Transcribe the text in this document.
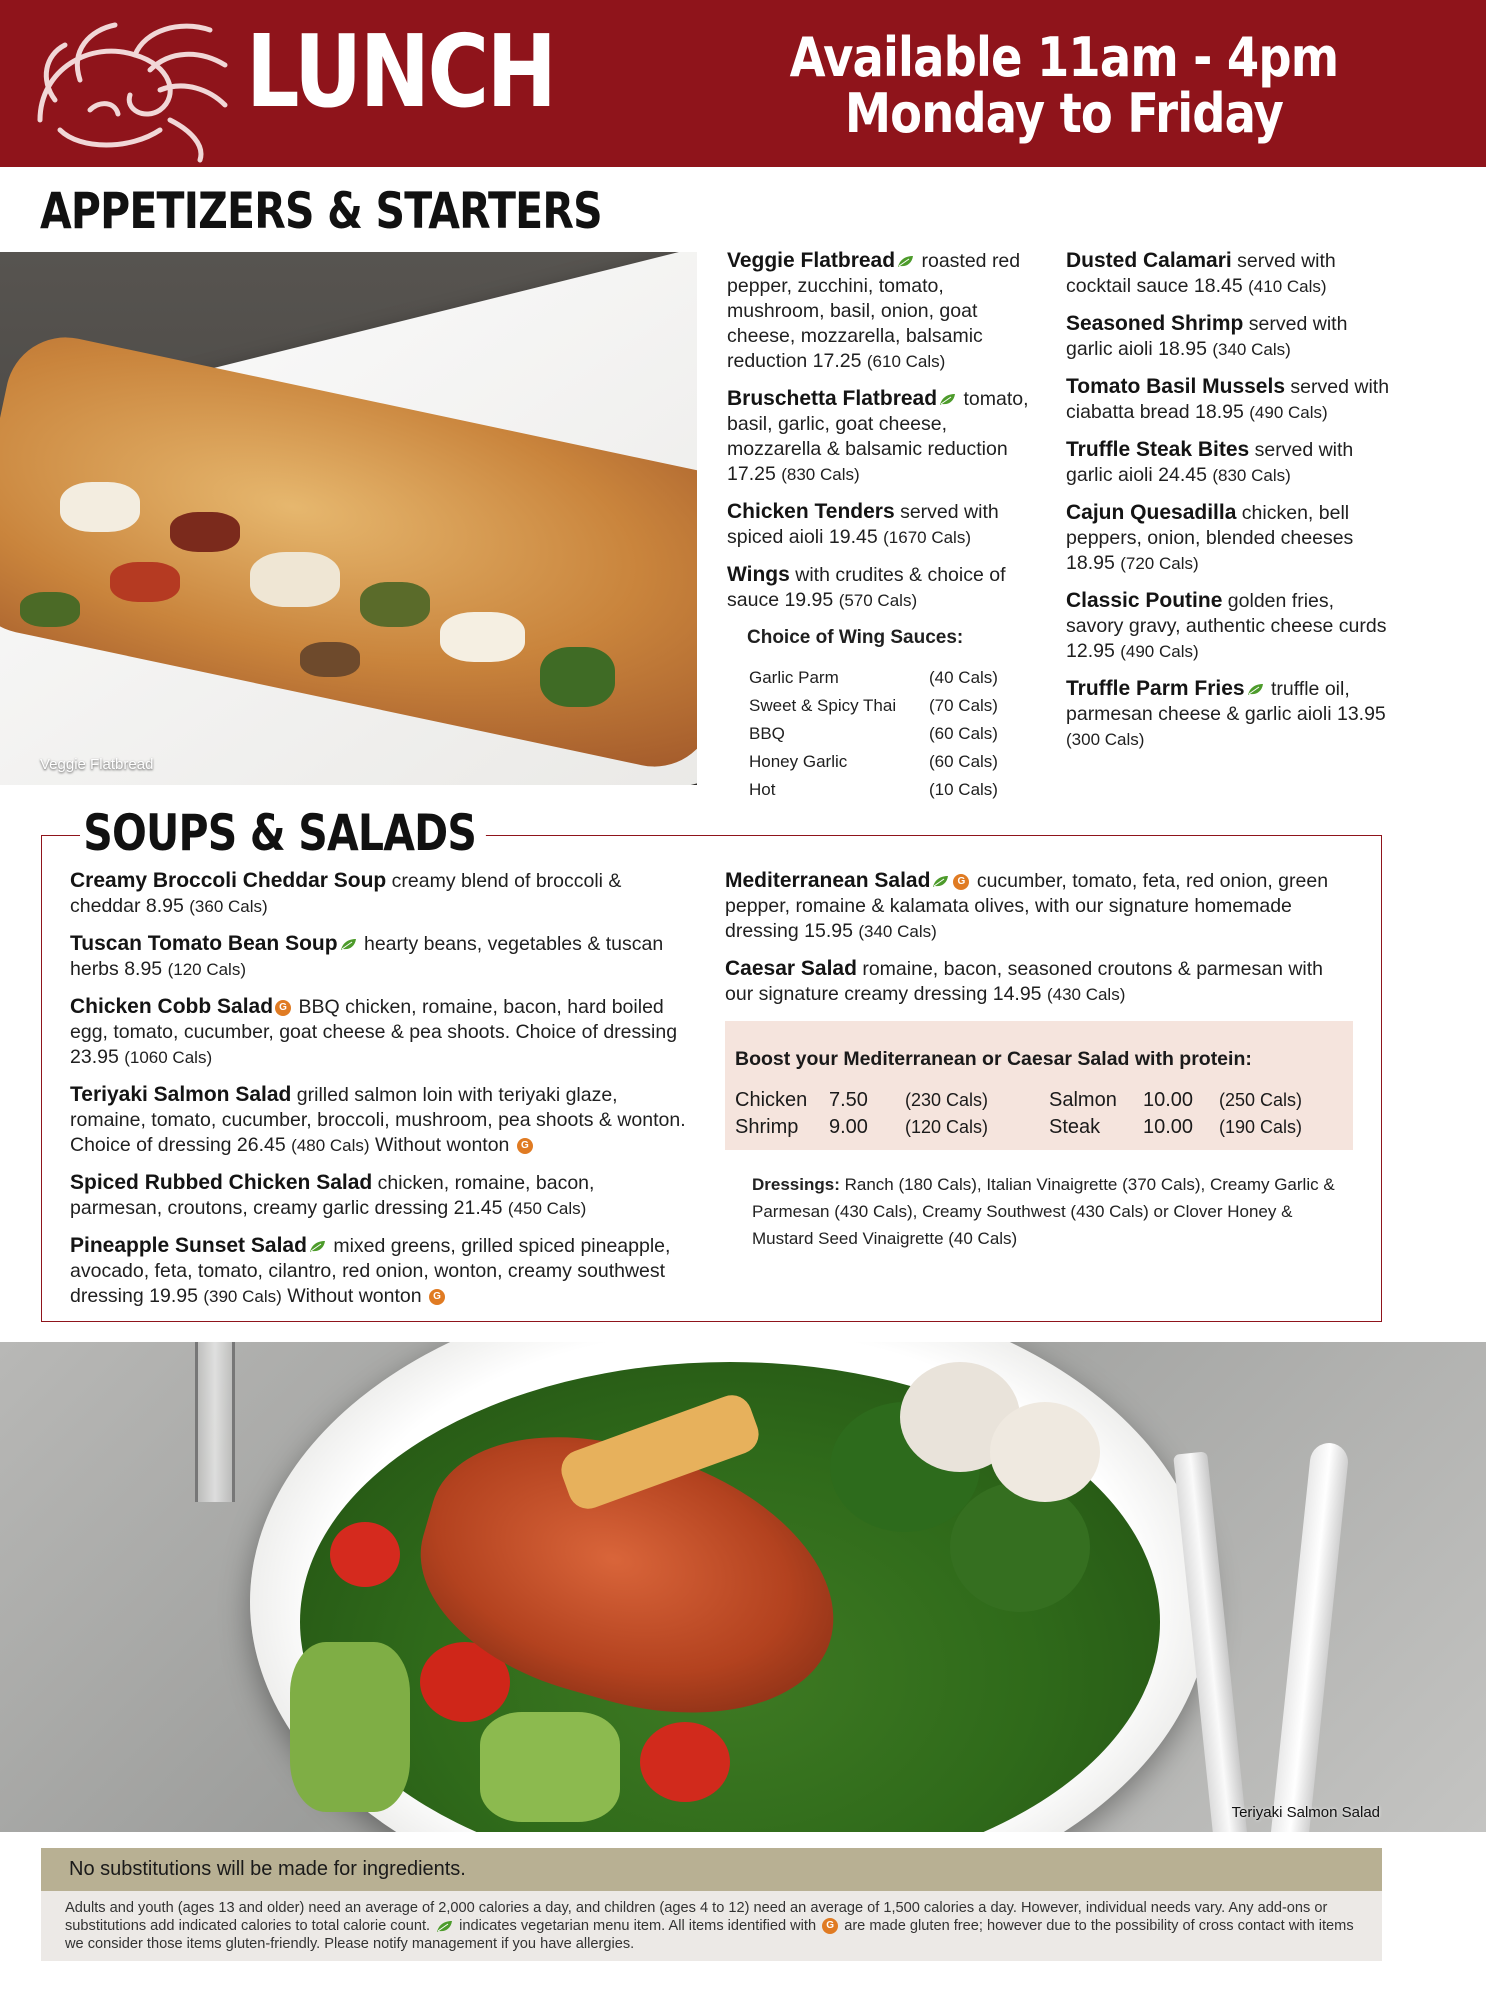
LUNCH	Available 11am - 4pm
Monday to Friday
APPETIZERS & STARTERS
Veggie Flatbread
Veggie Flatbread roasted red pepper, zucchini, tomato, mushroom, basil, onion, goat cheese, mozzarella, balsamic reduction 17.25 (610 Cals)
Bruschetta Flatbread tomato, basil, garlic, goat cheese, mozzarella & balsamic reduction 17.25 (830 Cals)
Chicken Tenders served with spiced aioli 19.45 (1670 Cals)
Wings with crudites & choice of sauce 19.95 (570 Cals)
Choice of Wing Sauces:
Garlic Parm	(40 Cals)
Sweet & Spicy Thai	(70 Cals)
BBQ	(60 Cals)
Honey Garlic	(60 Cals)
Hot	(10 Cals)
Dusted Calamari served with cocktail sauce 18.45 (410 Cals)
Seasoned Shrimp served with garlic aioli 18.95 (340 Cals)
Tomato Basil Mussels served with ciabatta bread 18.95 (490 Cals)
Truffle Steak Bites served with garlic aioli 24.45 (830 Cals)
Cajun Quesadilla chicken, bell peppers, onion, blended cheeses 18.95 (720 Cals)
Classic Poutine golden fries, savory gravy, authentic cheese curds 12.95 (490 Cals)
Truffle Parm Fries truffle oil, parmesan cheese & garlic aioli 13.95 (300 Cals)
SOUPS & SALADS
Creamy Broccoli Cheddar Soup creamy blend of broccoli & cheddar 8.95 (360 Cals)
Tuscan Tomato Bean Soup hearty beans, vegetables & tuscan herbs 8.95 (120 Cals)
Chicken Cobb Salad G BBQ chicken, romaine, bacon, hard boiled egg, tomato, cucumber, goat cheese & pea shoots. Choice of dressing 23.95 (1060 Cals)
Teriyaki Salmon Salad grilled salmon loin with teriyaki glaze, romaine, tomato, cucumber, broccoli, mushroom, pea shoots & wonton. Choice of dressing 26.45 (480 Cals) Without wonton G
Spiced Rubbed Chicken Salad chicken, romaine, bacon, parmesan, croutons, creamy garlic dressing 21.45 (450 Cals)
Pineapple Sunset Salad mixed greens, grilled spiced pineapple, avocado, feta, tomato, cilantro, red onion, wonton, creamy southwest dressing 19.95 (390 Cals) Without wonton G
Mediterranean Salad	G cucumber, tomato, feta, red onion, green pepper, romaine & kalamata olives, with our signature homemade dressing 15.95 (340 Cals)
Caesar Salad romaine, bacon, seasoned croutons & parmesan with our signature creamy dressing 14.95 (430 Cals)
Boost your Mediterranean or Caesar Salad with protein:
Chicken	7.50	(230 Cals)	Salmon	10.00	(250 Cals)
Shrimp	9.00	(120 Cals)	Steak	10.00	(190 Cals)
Dressings: Ranch (180 Cals), Italian Vinaigrette (370 Cals), Creamy Garlic & Parmesan (430 Cals), Creamy Southwest (430 Cals) or Clover Honey & Mustard Seed Vinaigrette (40 Cals)
Teriyaki Salmon Salad
No substitutions will be made for ingredients.
Adults and youth (ages 13 and older) need an average of 2,000 calories a day, and children (ages 4 to 12) need an average of 1,500 calories a day. However, individual needs vary. Any add-ons or substitutions add indicated calories to total calorie count.  indicates vegetarian menu item. All items identified with G are made gluten free; however due to the possibility of cross contact with items we consider those items gluten-friendly. Please notify management if you have allergies.
